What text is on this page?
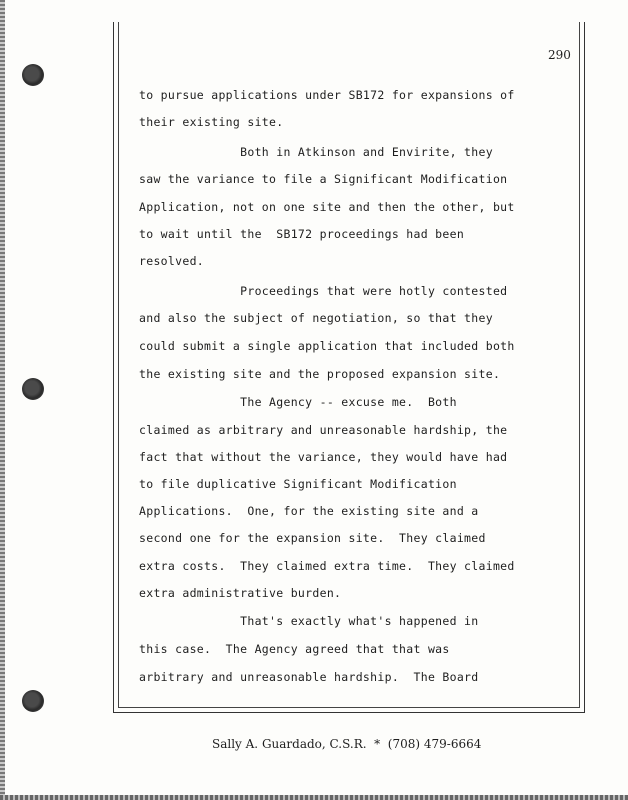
290
to pursue applications under SB172 for expansions of
their existing site.
Both in Atkinson and Envirite, they
saw the variance to file a Significant Modification
Application, not on one site and then the other, but
to wait until the  SB172 proceedings had been
resolved.
Proceedings that were hotly contested
and also the subject of negotiation, so that they
could submit a single application that included both
the existing site and the proposed expansion site.
The Agency -- excuse me.  Both
claimed as arbitrary and unreasonable hardship, the
fact that without the variance, they would have had
to file duplicative Significant Modification
Applications.  One, for the existing site and a
second one for the expansion site.  They claimed
extra costs.  They claimed extra time.  They claimed
extra administrative burden.
That's exactly what's happened in
this case.  The Agency agreed that that was
arbitrary and unreasonable hardship.  The Board
Sally A. Guardado, C.S.R.  *  (708) 479-6664
